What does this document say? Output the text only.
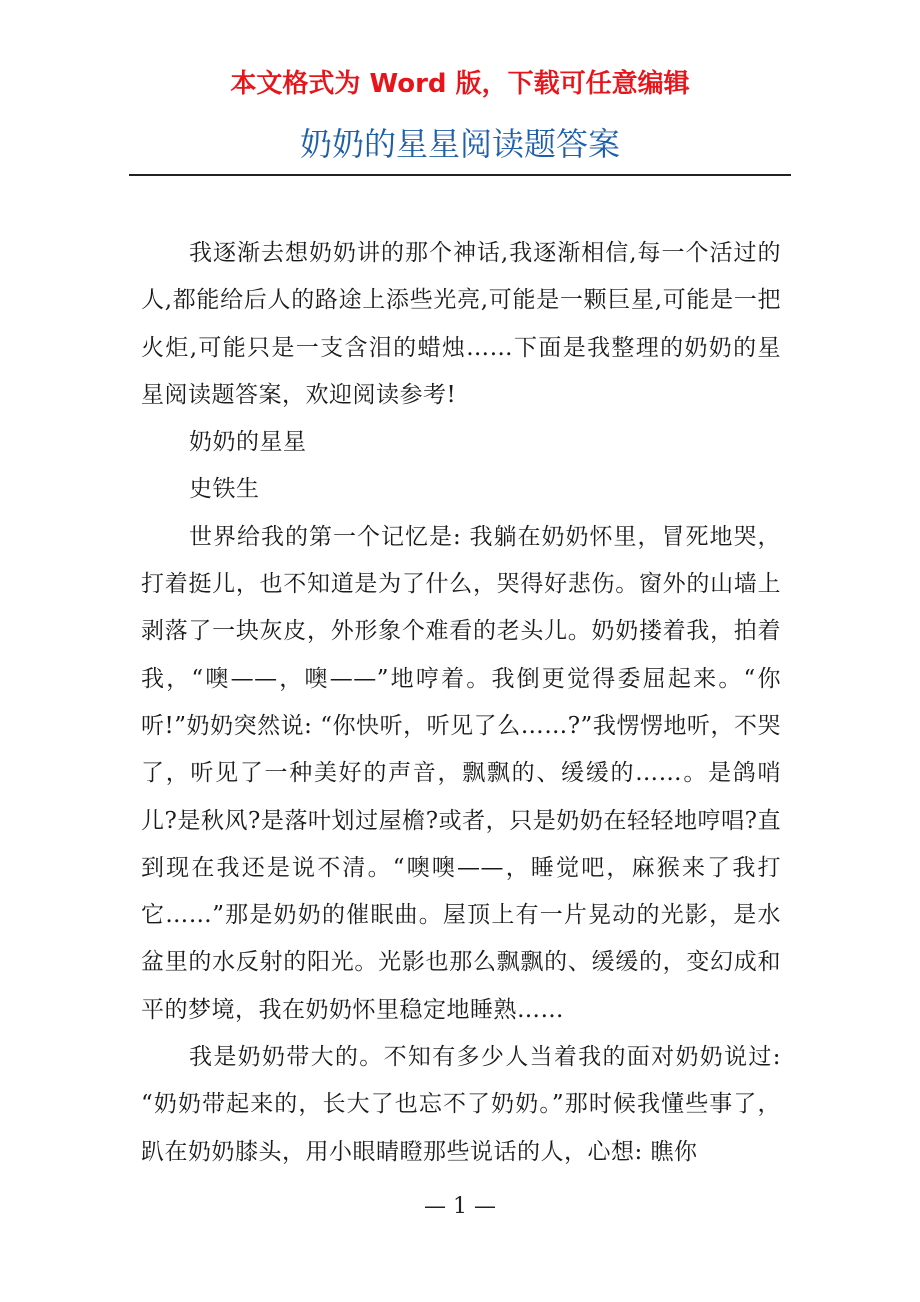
本文格式为 Word 版，下载可任意编辑
奶奶的星星阅读题答案

我逐渐去想奶奶讲的那个神话,我逐渐相信,每一个活过的人,都能给后人的路途上添些光亮,可能是一颗巨星,可能是一把火炬,可能只是一支含泪的蜡烛……下面是我整理的奶奶的星星阅读题答案，欢迎阅读参考!

奶奶的星星

史铁生

世界给我的第一个记忆是: 我躺在奶奶怀里，冒死地哭，打着挺儿，也不知道是为了什么，哭得好悲伤。窗外的山墙上剥落了一块灰皮，外形象个难看的老头儿。奶奶搂着我，拍着我，“噢——，噢——”地哼着。我倒更觉得委屈起来。“你听!”奶奶突然说: “你快听，听见了么……?”我愣愣地听，不哭了，听见了一种美好的声音，飘飘的、缓缓的……。是鸽哨儿?是秋风?是落叶划过屋檐?或者，只是奶奶在轻轻地哼唱?直到现在我还是说不清。“噢噢——，睡觉吧，麻猴来了我打它……”那是奶奶的催眠曲。屋顶上有一片晃动的光影，是水盆里的水反射的阳光。光影也那么飘飘的、缓缓的，变幻成和平的梦境，我在奶奶怀里稳定地睡熟……

我是奶奶带大的。不知有多少人当着我的面对奶奶说过: “奶奶带起来的，长大了也忘不了奶奶。”那时候我懂些事了，趴在奶奶膝头，用小眼睛瞪那些说话的人，心想: 瞧你

— 1 —
